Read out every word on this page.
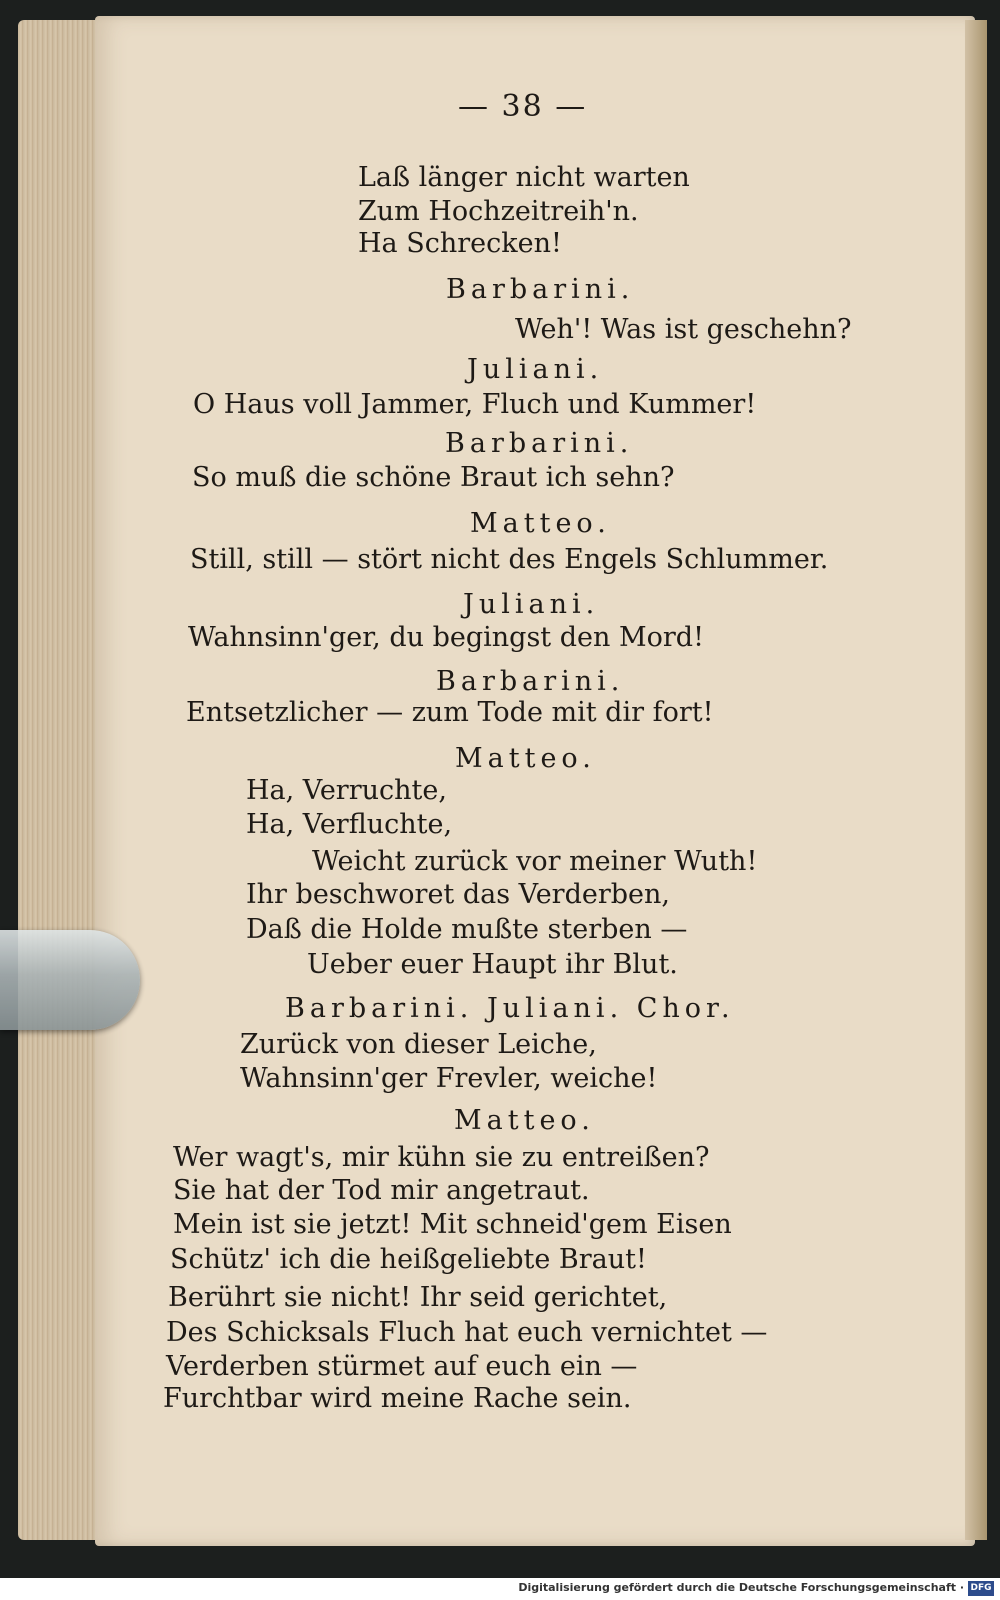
— 38 —
Laß länger nicht warten
Zum Hochzeitreih'n.
Ha Schrecken!
Barbarini.
Weh'! Was ist geschehn?
Juliani.
O Haus voll Jammer, Fluch und Kummer!
Barbarini.
So muß die schöne Braut ich sehn?
Matteo.
Still, still — stört nicht des Engels Schlummer.
Juliani.
Wahnsinn'ger, du begingst den Mord!
Barbarini.
Entsetzlicher — zum Tode mit dir fort!
Matteo.
Ha, Verruchte,
Ha, Verfluchte,
Weicht zurück vor meiner Wuth!
Ihr beschworet das Verderben,
Daß die Holde mußte sterben —
Ueber euer Haupt ihr Blut.
Barbarini. Juliani. Chor.
Zurück von dieser Leiche,
Wahnsinn'ger Frevler, weiche!
Matteo.
Wer wagt's, mir kühn sie zu entreißen?
Sie hat der Tod mir angetraut.
Mein ist sie jetzt! Mit schneid'gem Eisen
Schütz' ich die heißgeliebte Braut!
Berührt sie nicht! Ihr seid gerichtet,
Des Schicksals Fluch hat euch vernichtet —
Verderben stürmet auf euch ein —
Furchtbar wird meine Rache sein.
Digitalisierung gefördert durch die Deutsche Forschungsgemeinschaft · DFG
